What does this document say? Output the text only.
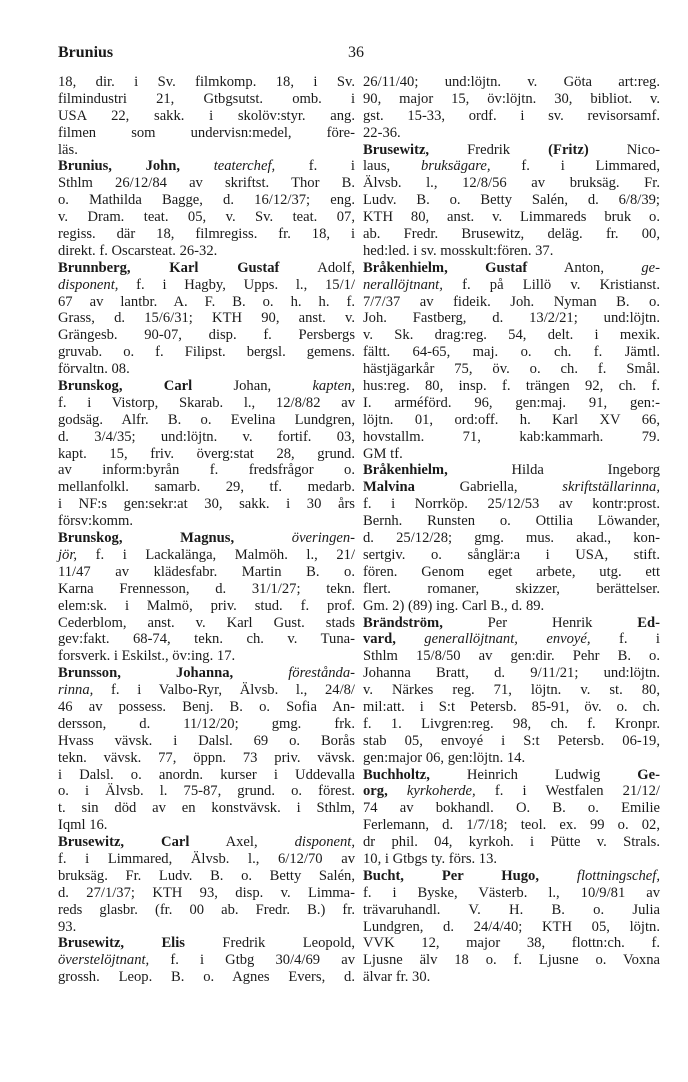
Brunius	36
18, dir. i Sv. filmkomp. 18, i Sv.
filmindustri 21, Gtbgsutst. omb. i
USA 22, sakk. i skolöv:styr. ang.
filmen som undervisn:medel, före-
läs.
Brunius, John, teaterchef, f. i
Sthlm 26/12/84 av skriftst. Thor B.
o. Mathilda Bagge, d. 16/12/37; eng.
v. Dram. teat. 05, v. Sv. teat. 07,
regiss. där 18, filmregiss. fr. 18, i
direkt. f. Oscarsteat. 26-32.
Brunnberg, Karl Gustaf Adolf,
disponent, f. i Hagby, Upps. l., 15/1/
67 av lantbr. A. F. B. o. h. h. f.
Grass, d. 15/6/31; KTH 90, anst. v.
Grängesb. 90-07, disp. f. Persbergs
gruvab. o. f. Filipst. bergsl. gemens.
förvaltn. 08.
Brunskog, Carl Johan, kapten,
f. i Vistorp, Skarab. l., 12/8/82 av
godsäg. Alfr. B. o. Evelina Lundgren,
d. 3/4/35; und:löjtn. v. fortif. 03,
kapt. 15, friv. överg:stat 28, grund.
av inform:byrån f. fredsfrågor o.
mellanfolkl. samarb. 29, tf. medarb.
i NF:s gen:sekr:at 30, sakk. i 30 års
försv:komm.
Brunskog, Magnus,	överingen-
jör, f. i Lackalänga, Malmöh. l., 21/
11/47 av klädesfabr. Martin B. o.
Karna Frennesson, d. 31/1/27; tekn.
elem:sk. i Malmö, priv. stud. f. prof.
Cederblom, anst. v. Karl Gust. stads
gev:fakt. 68-74, tekn. ch. v. Tuna-
forsverk. i Eskilst., öv:ing. 17.
Brunsson, Johanna,	förestånda-
rinna, f. i Valbo-Ryr, Älvsb. l., 24/8/
46 av possess. Benj. B. o. Sofia An-
dersson, d. 11/12/20; gmg. frk.
Hvass vävsk. i Dalsl. 69 o. Borås
tekn. vävsk. 77, öppn. 73 priv. vävsk.
i Dalsl. o. anordn. kurser i Uddevalla
o. i Älvsb. l. 75-87, grund. o. förest.
t. sin död av en konstvävsk. i Sthlm,
Iqml 16.
Brusewitz, Carl Axel, disponent,
f. i Limmared, Älvsb. l., 6/12/70 av
bruksäg. Fr. Ludv. B. o. Betty Salén,
d. 27/1/37; KTH 93, disp. v. Limma-
reds glasbr. (fr. 00 ab. Fredr. B.) fr.
93.
Brusewitz, Elis Fredrik Leopold,
överstelöjtnant, f. i Gtbg 30/4/69 av
grossh. Leop. B. o. Agnes Evers, d.
26/11/40; und:löjtn. v. Göta art:reg.
90, major 15, öv:löjtn. 30, bibliot. v.
gst. 15-33, ordf. i sv. revisorsamf.
22-36.
Brusewitz, Fredrik (Fritz) Nico-
laus, bruksägare, f. i Limmared,
Älvsb. l., 12/8/56 av bruksäg. Fr.
Ludv. B. o. Betty Salén, d. 6/8/39;
KTH 80, anst. v. Limmareds bruk o.
ab. Fredr. Brusewitz, deläg. fr. 00,
hed:led. i sv. mosskult:fören. 37.
Bråkenhielm, Gustaf Anton, ge-
nerallöjtnant, f. på Lillö v. Kristianst.
7/7/37 av fideik. Joh. Nyman B. o.
Joh. Fastberg, d. 13/2/21; und:löjtn.
v. Sk. drag:reg. 54, delt. i mexik.
fältt. 64-65, maj. o. ch. f. Jämtl.
hästjägarkår 75, öv. o. ch. f. Smål.
hus:reg. 80, insp. f. trängen 92, ch. f.
I. arméförd. 96, gen:maj. 91, gen:-
löjtn. 01, ord:off. h. Karl XV 66,
hovstallm. 71, kab:kammarh. 79.
GM tf.
Bråkenhielm, Hilda Ingeborg
Malvina Gabriella, skriftställarinna,
f. i Norrköp. 25/12/53 av kontr:prost.
Bernh. Runsten o. Ottilia Löwander,
d. 25/12/28; gmg. mus. akad., kon-
sertgiv. o. sånglär:a i USA, stift.
fören. Genom eget arbete, utg. ett
flert. romaner, skizzer, berättelser.
Gm. 2) (89) ing. Carl B., d. 89.
Brändström, Per Henrik Ed-
vard, generallöjtnant, envoyé, f. i
Sthlm 15/8/50 av gen:dir. Pehr B. o.
Johanna Bratt, d. 9/11/21; und:löjtn.
v. Närkes reg. 71, löjtn. v. st. 80,
mil:att. i S:t Petersb. 85-91, öv. o. ch.
f. 1. Livgren:reg. 98, ch. f. Kronpr.
stab 05, envoyé i S:t Petersb. 06-19,
gen:major 06, gen:löjtn. 14.
Buchholtz, Heinrich Ludwig Ge-
org, kyrkoherde, f. i Westfalen 21/12/
74 av bokhandl. O. B. o. Emilie
Ferlemann, d. 1/7/18; teol. ex. 99 o. 02,
dr phil. 04, kyrkoh. i Pütte v. Strals.
10, i Gtbgs ty. förs. 13.
Bucht, Per Hugo,	flottningschef,
f. i Byske, Västerb. l., 10/9/81 av
trävaruhandl. V. H. B. o. Julia
Lundgren, d. 24/4/40; KTH 05, löjtn.
VVK 12, major 38, flottn:ch. f.
Ljusne älv 18 o. f. Ljusne o. Voxna
älvar fr. 30.
